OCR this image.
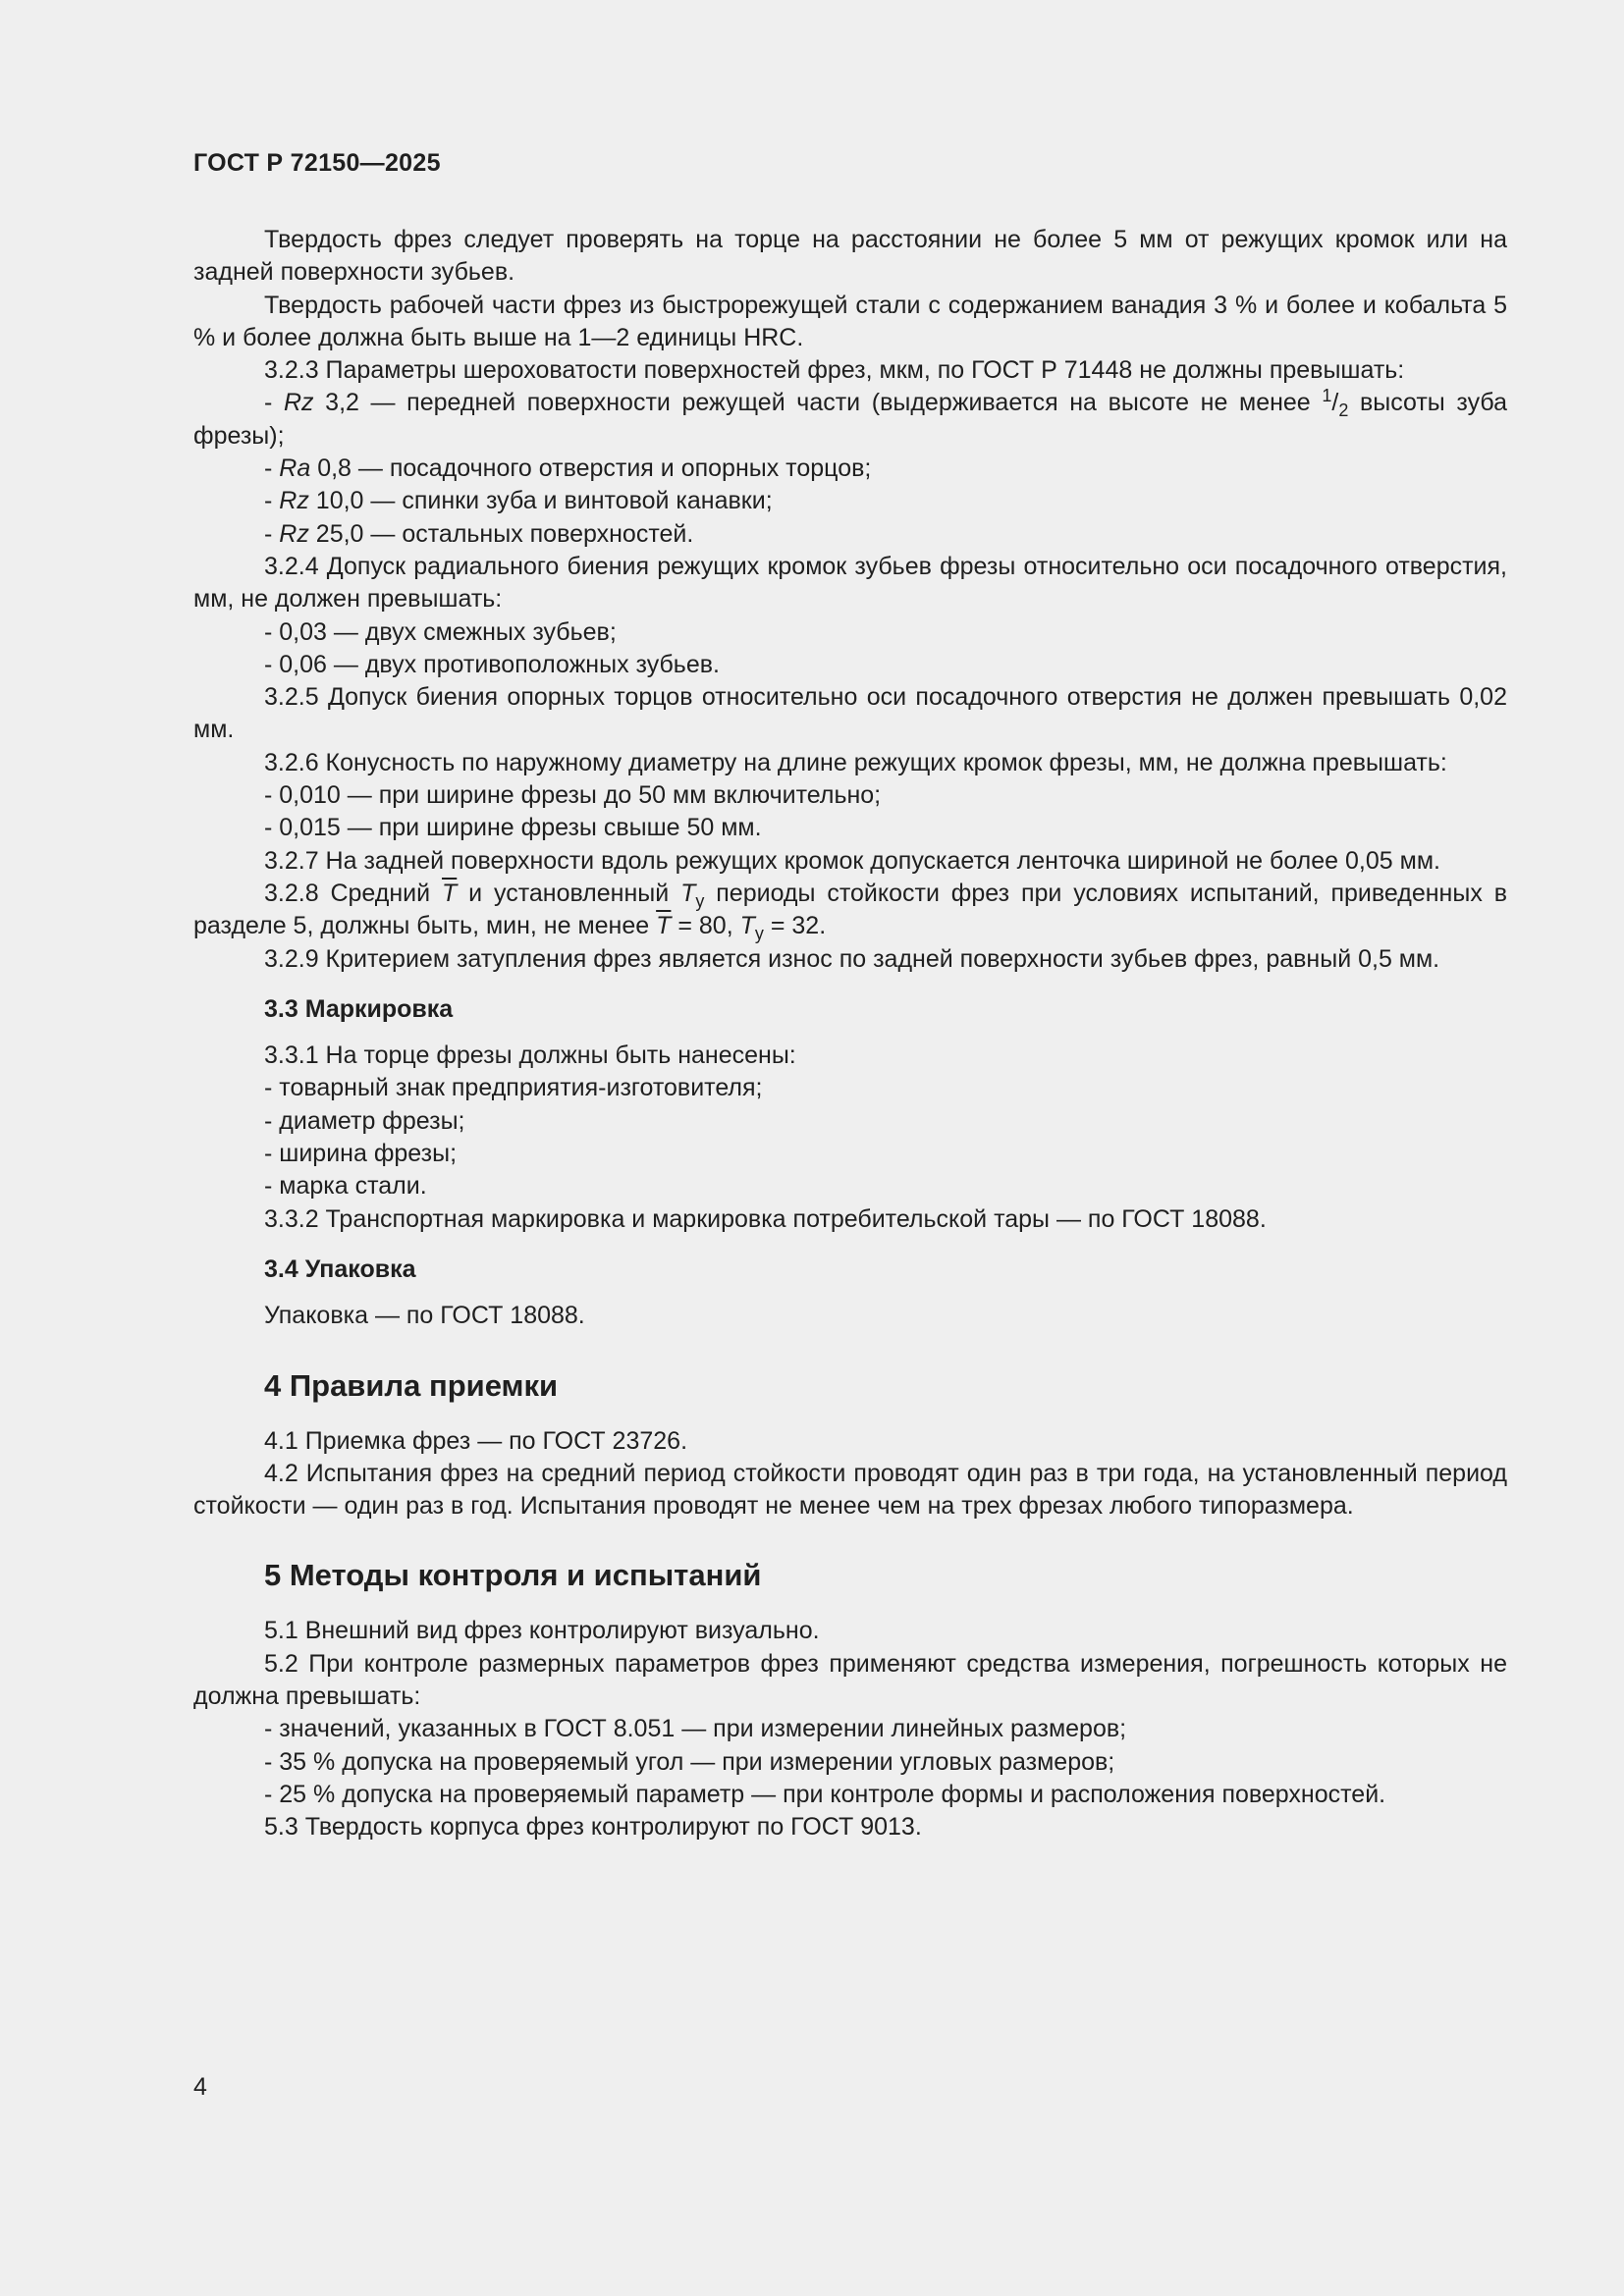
ГОСТ Р 72150—2025

Твердость фрез следует проверять на торце на расстоянии не более 5 мм от режущих кромок или на задней поверхности зубьев.

Твердость рабочей части фрез из быстрорежущей стали с содержанием ванадия 3 % и более и кобальта 5 % и более должна быть выше на 1—2 единицы HRC.

3.2.3 Параметры шероховатости поверхностей фрез, мкм, по ГОСТ Р 71448 не должны превышать:

- Rz 3,2 — передней поверхности режущей части (выдерживается на высоте не менее $^1/_2$ высоты зуба фрезы);

- Ra 0,8 — посадочного отверстия и опорных торцов;

- Rz 10,0 — спинки зуба и винтовой канавки;

- Rz 25,0 — остальных поверхностей.

3.2.4 Допуск радиального биения режущих кромок зубьев фрезы относительно оси посадочного отверстия, мм, не должен превышать:

- 0,03 — двух смежных зубьев;

- 0,06 — двух противоположных зубьев.

3.2.5 Допуск биения опорных торцов относительно оси посадочного отверстия не должен превышать 0,02 мм.

3.2.6 Конусность по наружному диаметру на длине режущих кромок фрезы, мм, не должна превышать:

- 0,010 — при ширине фрезы до 50 мм включительно;

- 0,015 — при ширине фрезы свыше 50 мм.

3.2.7 На задней поверхности вдоль режущих кромок допускается ленточка шириной не более 0,05 мм.

3.2.8 Средний $\overline{T}$ и установленный $T_у$ периоды стойкости фрез при условиях испытаний, приведенных в разделе 5, должны быть, мин, не менее $\overline{T} = 80$, $T_у = 32$.

3.2.9 Критерием затупления фрез является износ по задней поверхности зубьев фрез, равный 0,5 мм.

3.3 Маркировка

3.3.1 На торце фрезы должны быть нанесены:

- товарный знак предприятия-изготовителя;

- диаметр фрезы;

- ширина фрезы;

- марка стали.

3.3.2 Транспортная маркировка и маркировка потребительской тары — по ГОСТ 18088.

3.4 Упаковка

Упаковка — по ГОСТ 18088.

4 Правила приемки

4.1 Приемка фрез — по ГОСТ 23726.

4.2 Испытания фрез на средний период стойкости проводят один раз в три года, на установленный период стойкости — один раз в год. Испытания проводят не менее чем на трех фрезах любого типоразмера.

5 Методы контроля и испытаний

5.1 Внешний вид фрез контролируют визуально.

5.2 При контроле размерных параметров фрез применяют средства измерения, погрешность которых не должна превышать:

- значений, указанных в ГОСТ 8.051 — при измерении линейных размеров;

- 35 % допуска на проверяемый угол — при измерении угловых размеров;

- 25 % допуска на проверяемый параметр — при контроле формы и расположения поверхностей.

5.3 Твердость корпуса фрез контролируют по ГОСТ 9013.

4
